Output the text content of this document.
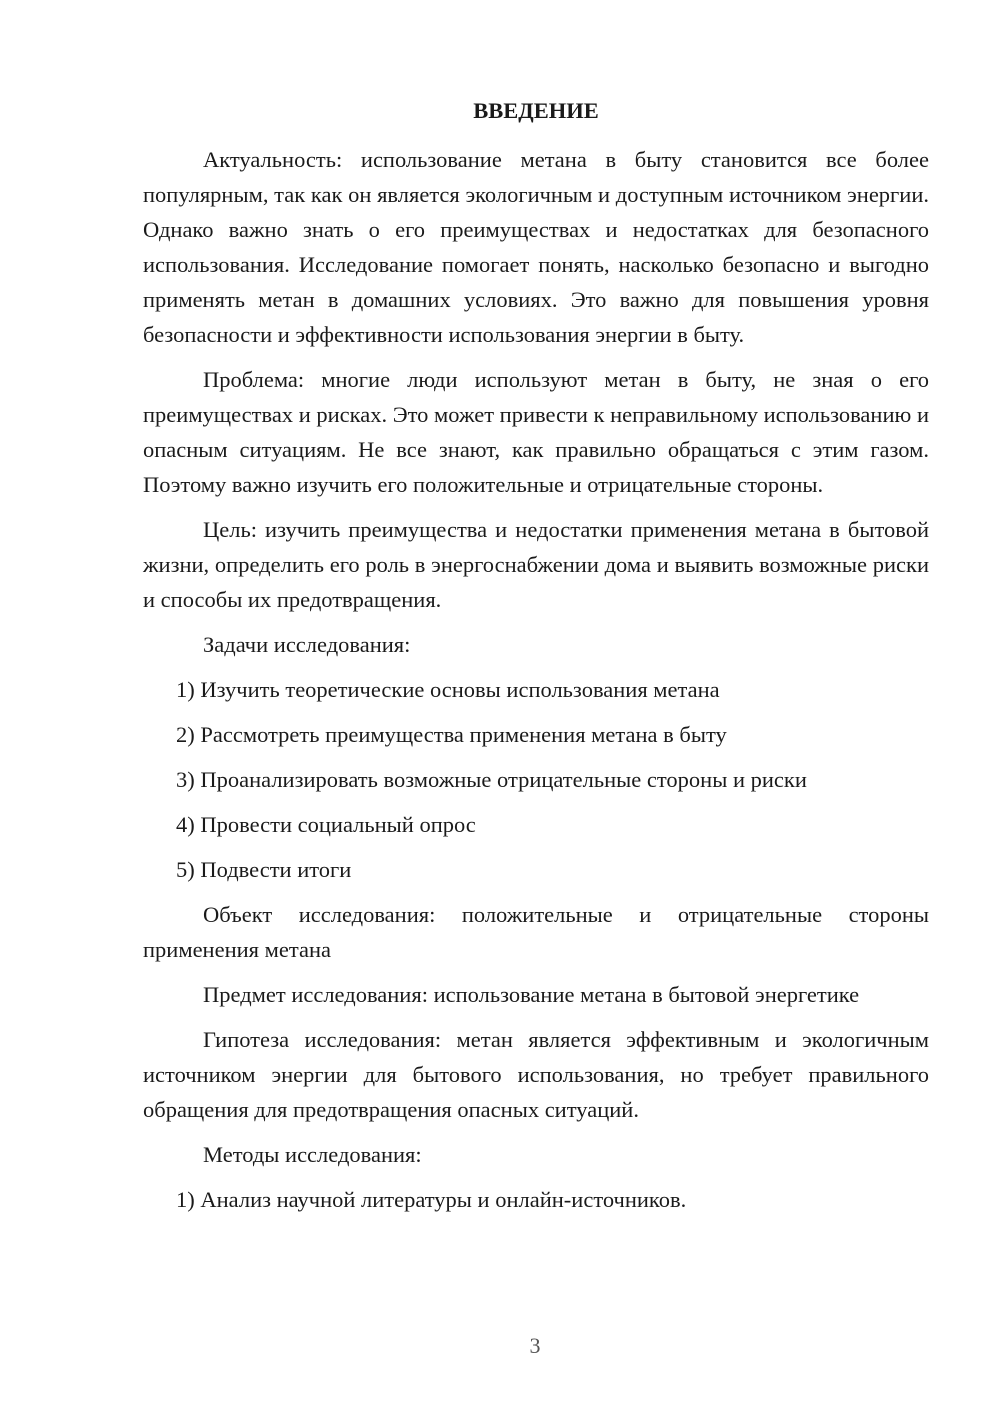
ВВЕДЕНИЕ
Актуальность: использование метана в быту становится все более популярным, так как он является экологичным и доступным источником энергии. Однако важно знать о его преимуществах и недостатках для безопасного использования. Исследование помогает понять, насколько безопасно и выгодно применять метан в домашних условиях. Это важно для повышения уровня безопасности и эффективности использования энергии в быту.
Проблема: многие люди используют метан в быту, не зная о его преимуществах и рисках. Это может привести к неправильному использованию и опасным ситуациям. Не все знают, как правильно обращаться с этим газом. Поэтому важно изучить его положительные и отрицательные стороны.
Цель: изучить преимущества и недостатки применения метана в бытовой жизни, определить его роль в энергоснабжении дома и выявить возможные риски и способы их предотвращения.
Задачи исследования:
1) Изучить теоретические основы использования метана
2) Рассмотреть преимущества применения метана в быту
3) Проанализировать возможные отрицательные стороны и риски
4) Провести социальный опрос
5) Подвести итоги
Объект исследования: положительные и отрицательные стороны применения метана
Предмет исследования: использование метана в бытовой энергетике
Гипотеза исследования: метан является эффективным и экологичным источником энергии для бытового использования, но требует правильного обращения для предотвращения опасных ситуаций.
Методы исследования:
1) Анализ научной литературы и онлайн-источников.
3
